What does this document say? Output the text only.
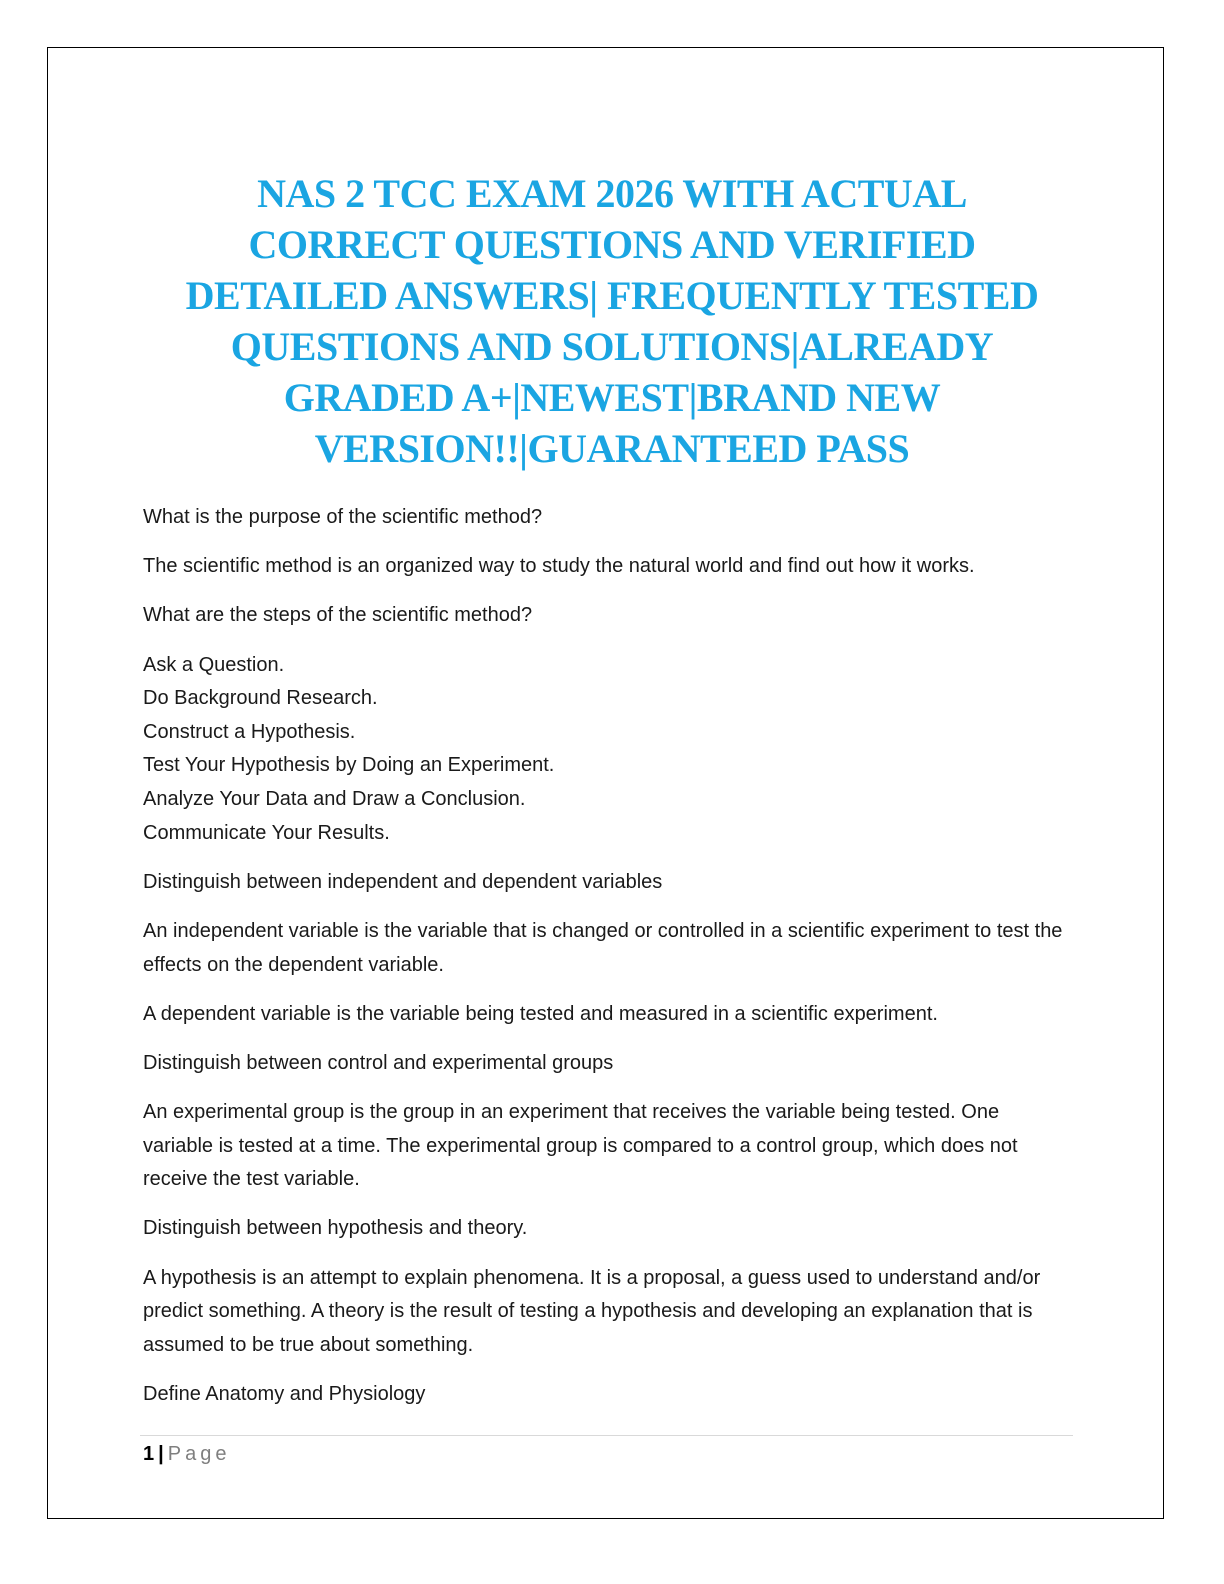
NAS 2 TCC EXAM 2026 WITH ACTUAL
CORRECT QUESTIONS AND VERIFIED
DETAILED ANSWERS| FREQUENTLY TESTED
QUESTIONS AND SOLUTIONS|ALREADY
GRADED A+|NEWEST|BRAND NEW
VERSION!!|GUARANTEED PASS

What is the purpose of the scientific method?

The scientific method is an organized way to study the natural world and find out how it works.

What are the steps of the scientific method?

Ask a Question.
Do Background Research.
Construct a Hypothesis.
Test Your Hypothesis by Doing an Experiment.
Analyze Your Data and Draw a Conclusion.
Communicate Your Results.

Distinguish between independent and dependent variables

An independent variable is the variable that is changed or controlled in a scientific experiment to test the effects on the dependent variable.

A dependent variable is the variable being tested and measured in a scientific experiment.

Distinguish between control and experimental groups

An experimental group is the group in an experiment that receives the variable being tested. One variable is tested at a time. The experimental group is compared to a control group, which does not receive the test variable.

Distinguish between hypothesis and theory.

A hypothesis is an attempt to explain phenomena. It is a proposal, a guess used to understand and/or predict something. A theory is the result of testing a hypothesis and developing an explanation that is assumed to be true about something.

Define Anatomy and Physiology

1 | Page
